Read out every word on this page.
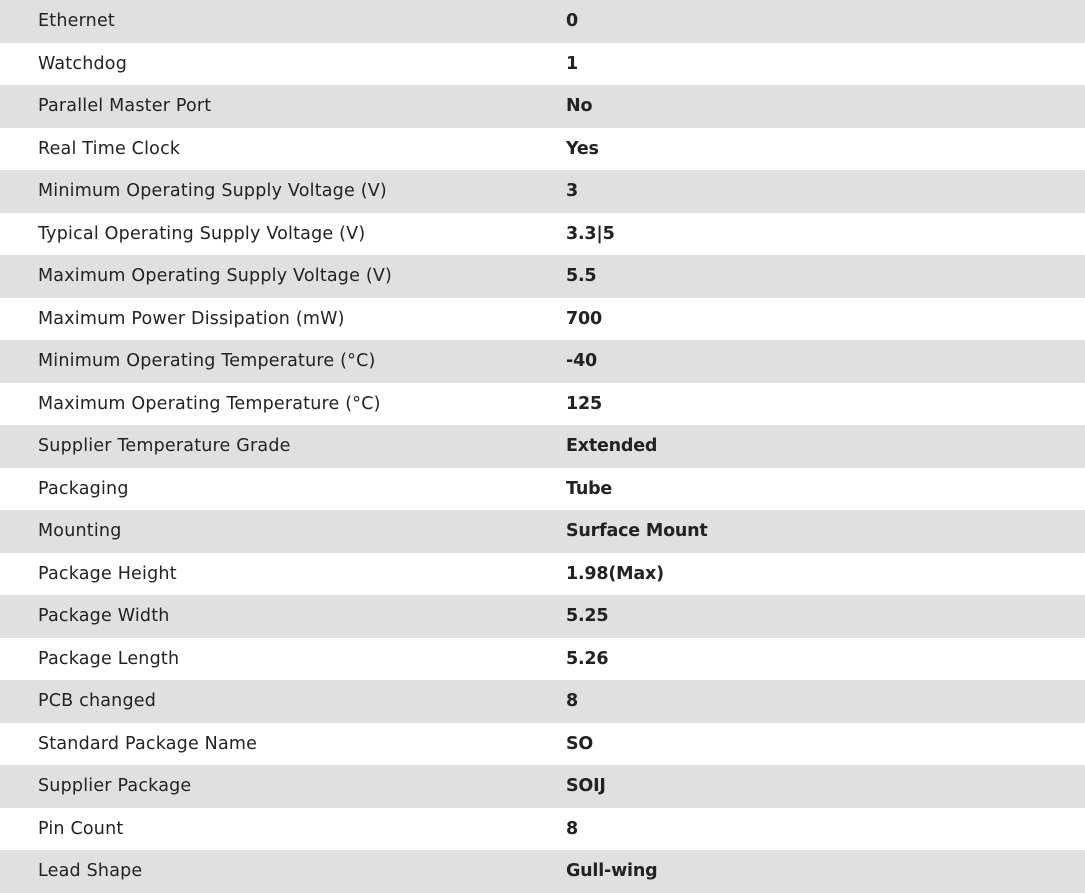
Ethernet	0
Watchdog	1
Parallel Master Port	No
Real Time Clock	Yes
Minimum Operating Supply Voltage (V)	3
Typical Operating Supply Voltage (V)	3.3|5
Maximum Operating Supply Voltage (V)	5.5
Maximum Power Dissipation (mW)	700
Minimum Operating Temperature (°C)	-40
Maximum Operating Temperature (°C)	125
Supplier Temperature Grade	Extended
Packaging	Tube
Mounting	Surface Mount
Package Height	1.98(Max)
Package Width	5.25
Package Length	5.26
PCB changed	8
Standard Package Name	SO
Supplier Package	SOIJ
Pin Count	8
Lead Shape	Gull-wing
